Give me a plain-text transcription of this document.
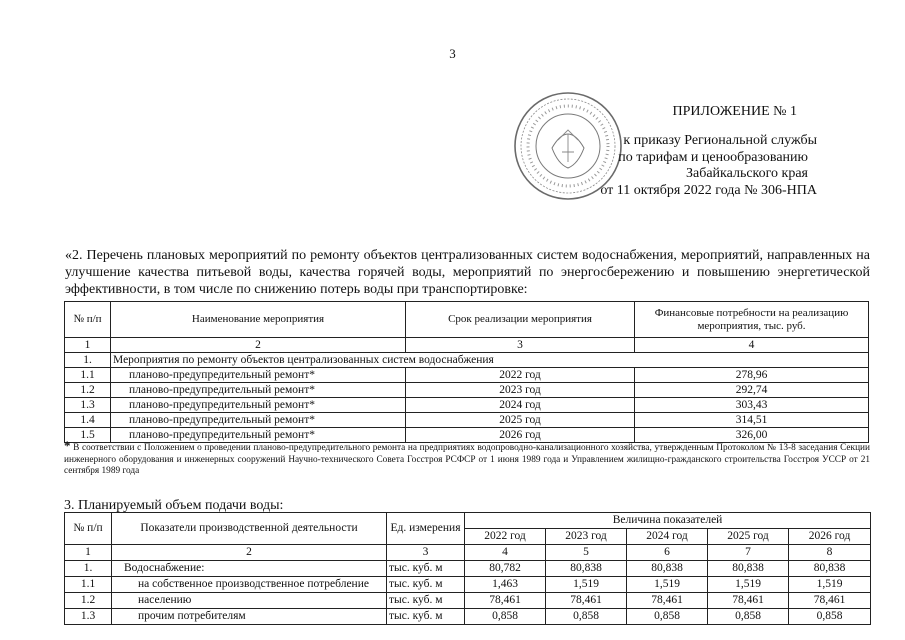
3
ПРИЛОЖЕНИЕ № 1
к приказу Региональной службы
по тарифам и ценообразованию
Забайкальского края
от 11 октября 2022 года № 306-НПА
«2. Перечень плановых мероприятий по ремонту объектов централизованных систем водоснабжения, мероприятий, направленных на улучшение качества питьевой воды, качества горячей воды, мероприятий по энергосбережению и повышению энергетической эффективности, в том числе по снижению потерь воды при транспортировке:
№ п/п	Наименование мероприятия	Срок реализации мероприятия	Финансовые потребности на реализацию мероприятия, тыс. руб.
1	2	3	4
1.	Мероприятия по ремонту объектов централизованных систем водоснабжения		
1.1	планово-предупредительный ремонт*	2022 год	278,96
1.2	планово-предупредительный ремонт*	2023 год	292,74
1.3	планово-предупредительный ремонт*	2024 год	303,43
1.4	планово-предупредительный ремонт*	2025 год	314,51
1.5	планово-предупредительный ремонт*	2026 год	326,00
* В соответствии с Положением о проведении планово-предупредительного ремонта на предприятиях водопроводно-канализационного хозяйства, утвержденным Протоколом № 13-8 заседания Секции инженерного оборудования и инженерных сооружений Научно-технического Совета Госстроя РСФСР от 1 июня 1989 года и Управлением жилищно-гражданского строительства Госстроя УССР от 21 сентября 1989 года
3. Планируемый объем подачи воды:
№ п/п	Показатели производственной деятельности	Ед. измерения	Величина показателей				
			2022 год	2023 год	2024 год	2025 год	2026 год
1	2	3	4	5	6	7	8
1.	Водоснабжение:	тыс. куб. м	80,782	80,838	80,838	80,838	80,838
1.1	на собственное производственное потребление	тыс. куб. м	1,463	1,519	1,519	1,519	1,519
1.2	населению	тыс. куб. м	78,461	78,461	78,461	78,461	78,461
1.3	прочим потребителям	тыс. куб. м	0,858	0,858	0,858	0,858	0,858
